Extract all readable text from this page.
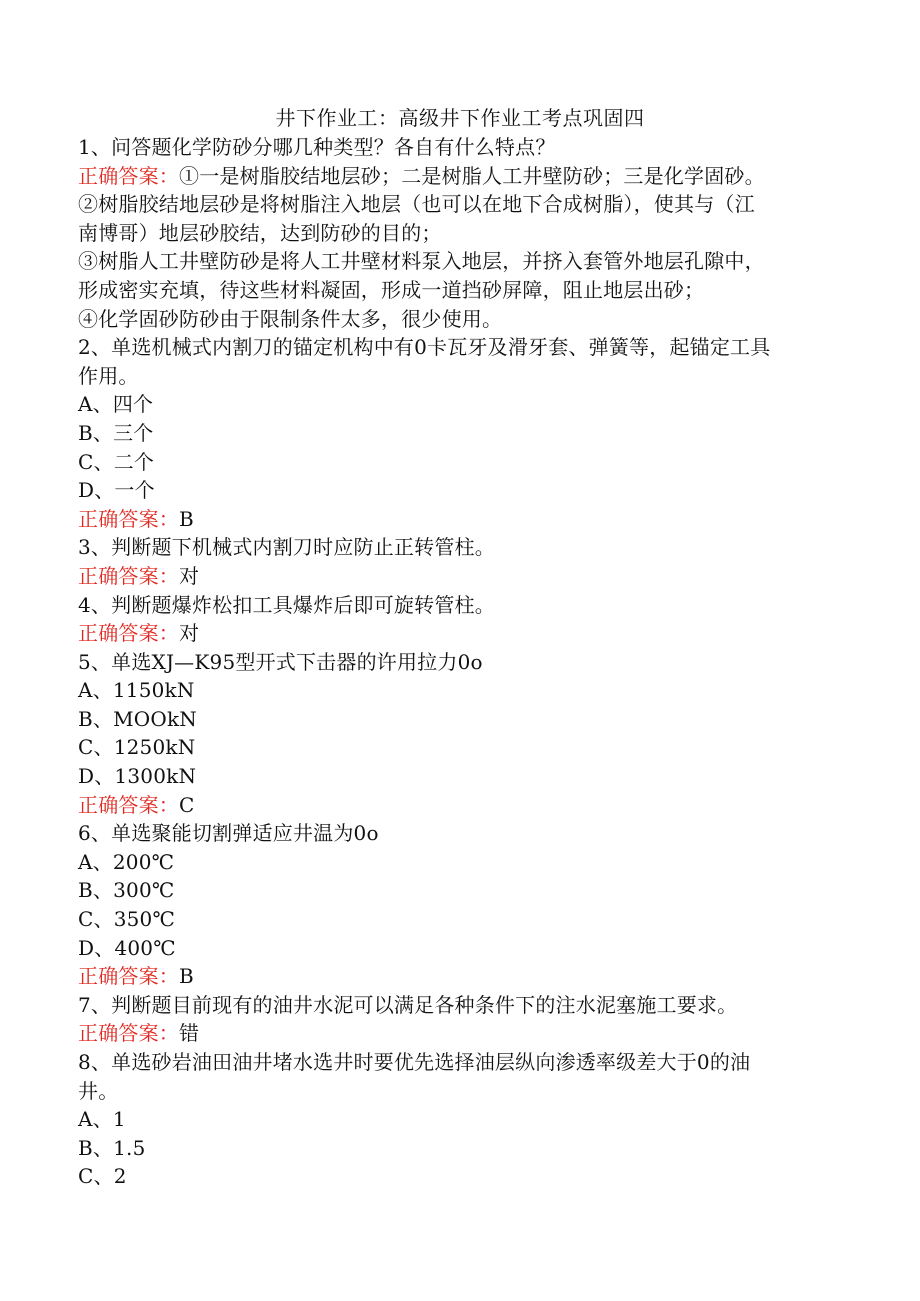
井下作业工：高级井下作业工考点巩固四
1、问答题化学防砂分哪几种类型？各自有什么特点？
正确答案：①一是树脂胶结地层砂；二是树脂人工井壁防砂；三是化学固砂。
②树脂胶结地层砂是将树脂注入地层（也可以在地下合成树脂），使其与（江
南博哥）地层砂胶结，达到防砂的目的；
③树脂人工井壁防砂是将人工井壁材料泵入地层，并挤入套管外地层孔隙中，
形成密实充填，待这些材料凝固，形成一道挡砂屏障，阻止地层出砂；
④化学固砂防砂由于限制条件太多，很少使用。
2、单选机械式内割刀的锚定机构中有0卡瓦牙及滑牙套、弹簧等，起锚定工具
作用。
A、四个
B、三个
C、二个
D、一个
正确答案：B
3、判断题下机械式内割刀时应防止正转管柱。
正确答案：对
4、判断题爆炸松扣工具爆炸后即可旋转管柱。
正确答案：对
5、单选XJ—K95型开式下击器的许用拉力0o
A、1150kN
B、MOOkN
C、1250kN
D、1300kN
正确答案：C
6、单选聚能切割弹适应井温为0o
A、200℃
B、300℃
C、350℃
D、400℃
正确答案：B
7、判断题目前现有的油井水泥可以满足各种条件下的注水泥塞施工要求。
正确答案：错
8、单选砂岩油田油井堵水选井时要优先选择油层纵向渗透率级差大于0的油
井。
A、1
B、1.5
C、2
